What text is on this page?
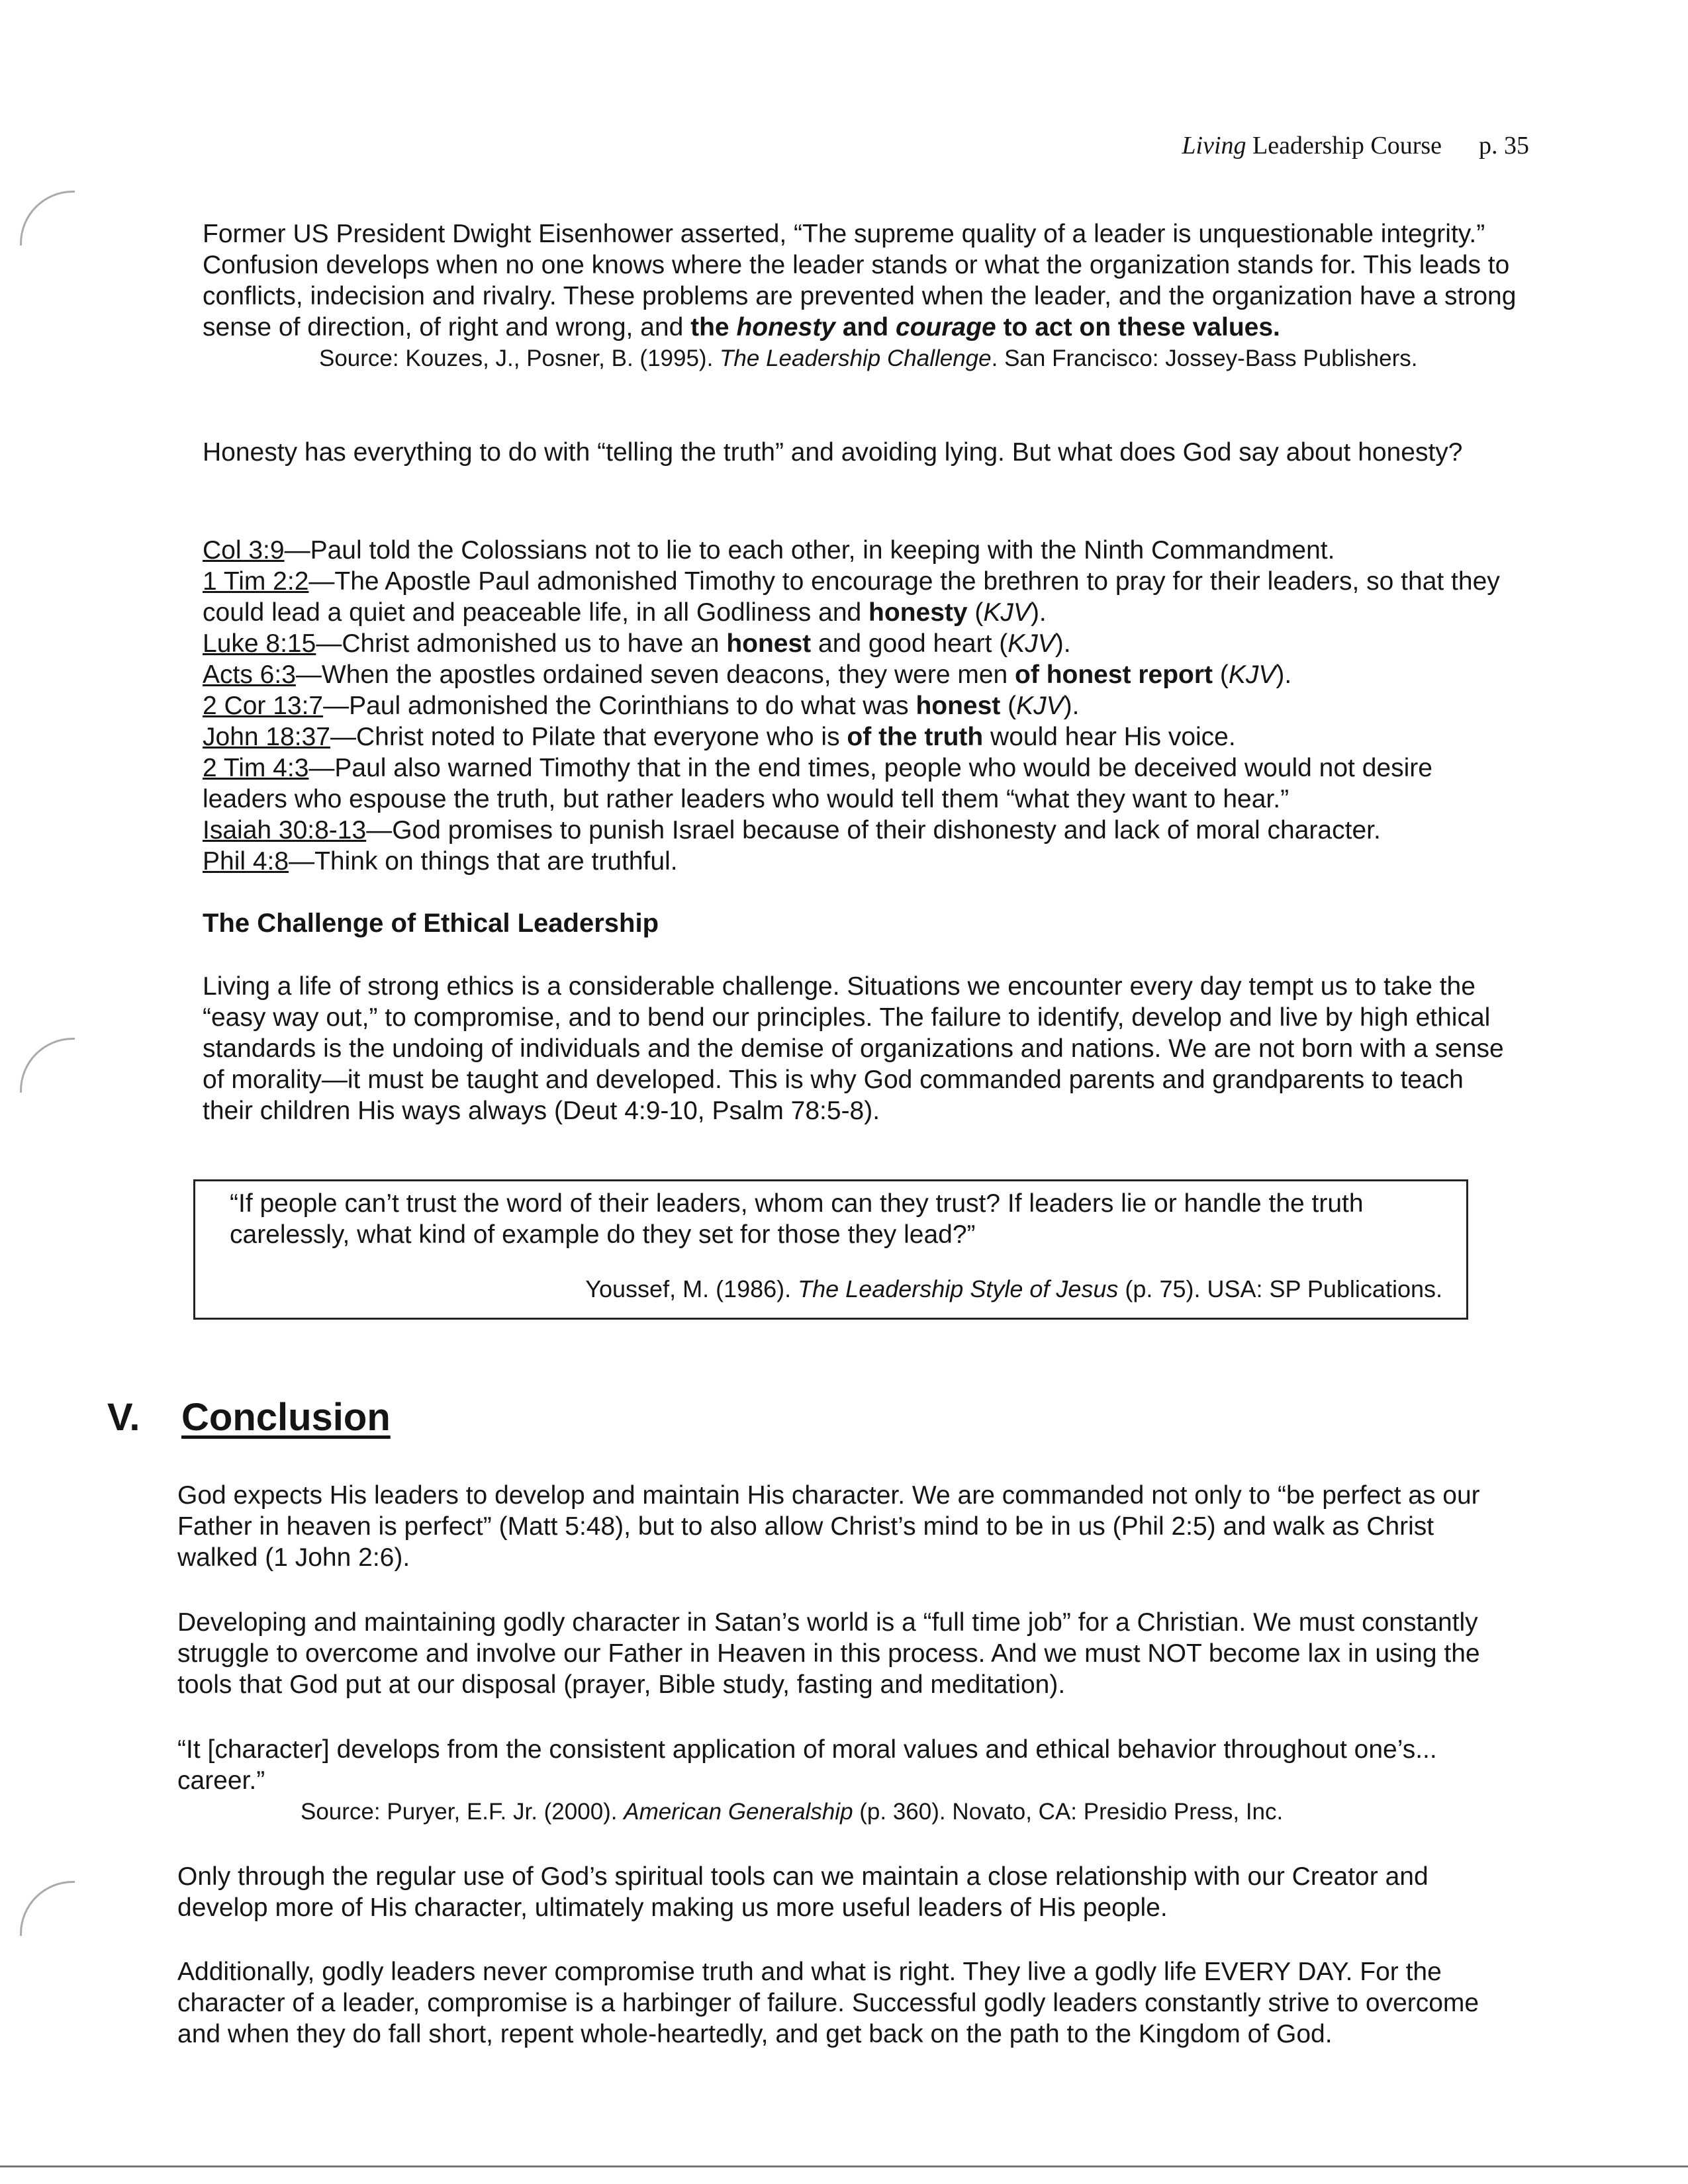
Living Leadership Course p. 35
Former US President Dwight Eisenhower asserted, “The supreme quality of a leader is unquestionable integrity.” Confusion develops when no one knows where the leader stands or what the organization stands for. This leads to conflicts, indecision and rivalry. These problems are prevented when the leader, and the organization have a strong sense of direction, of right and wrong, and the honesty and courage to act on these values.
Source: Kouzes, J., Posner, B. (1995). The Leadership Challenge. San Francisco: Jossey-Bass Publishers.
Honesty has everything to do with “telling the truth” and avoiding lying. But what does God say about honesty?
Col 3:9—Paul told the Colossians not to lie to each other, in keeping with the Ninth Commandment.
1 Tim 2:2—The Apostle Paul admonished Timothy to encourage the brethren to pray for their leaders, so that they could lead a quiet and peaceable life, in all Godliness and honesty (KJV).
Luke 8:15—Christ admonished us to have an honest and good heart (KJV).
Acts 6:3—When the apostles ordained seven deacons, they were men of honest report (KJV).
2 Cor 13:7—Paul admonished the Corinthians to do what was honest (KJV).
John 18:37—Christ noted to Pilate that everyone who is of the truth would hear His voice.
2 Tim 4:3—Paul also warned Timothy that in the end times, people who would be deceived would not desire leaders who espouse the truth, but rather leaders who would tell them “what they want to hear.”
Isaiah 30:8-13—God promises to punish Israel because of their dishonesty and lack of moral character.
Phil 4:8—Think on things that are truthful.
The Challenge of Ethical Leadership
Living a life of strong ethics is a considerable challenge. Situations we encounter every day tempt us to take the “easy way out,” to compromise, and to bend our principles. The failure to identify, develop and live by high ethical standards is the undoing of individuals and the demise of organizations and nations. We are not born with a sense of morality—it must be taught and developed. This is why God commanded parents and grandparents to teach their children His ways always (Deut 4:9-10, Psalm 78:5-8).
“If people can’t trust the word of their leaders, whom can they trust? If leaders lie or handle the truth carelessly, what kind of example do they set for those they lead?”
Youssef, M. (1986). The Leadership Style of Jesus (p. 75). USA: SP Publications.
V. Conclusion
God expects His leaders to develop and maintain His character. We are commanded not only to “be perfect as our Father in heaven is perfect” (Matt 5:48), but to also allow Christ’s mind to be in us (Phil 2:5) and walk as Christ walked (1 John 2:6).
Developing and maintaining godly character in Satan’s world is a “full time job” for a Christian. We must constantly struggle to overcome and involve our Father in Heaven in this process. And we must NOT become lax in using the tools that God put at our disposal (prayer, Bible study, fasting and meditation).
“It [character] develops from the consistent application of moral values and ethical behavior throughout one’s... career.”
Source: Puryer, E.F. Jr. (2000). American Generalship (p. 360). Novato, CA: Presidio Press, Inc.
Only through the regular use of God’s spiritual tools can we maintain a close relationship with our Creator and develop more of His character, ultimately making us more useful leaders of His people.
Additionally, godly leaders never compromise truth and what is right. They live a godly life EVERY DAY. For the character of a leader, compromise is a harbinger of failure. Successful godly leaders constantly strive to overcome and when they do fall short, repent whole-heartedly, and get back on the path to the Kingdom of God.
